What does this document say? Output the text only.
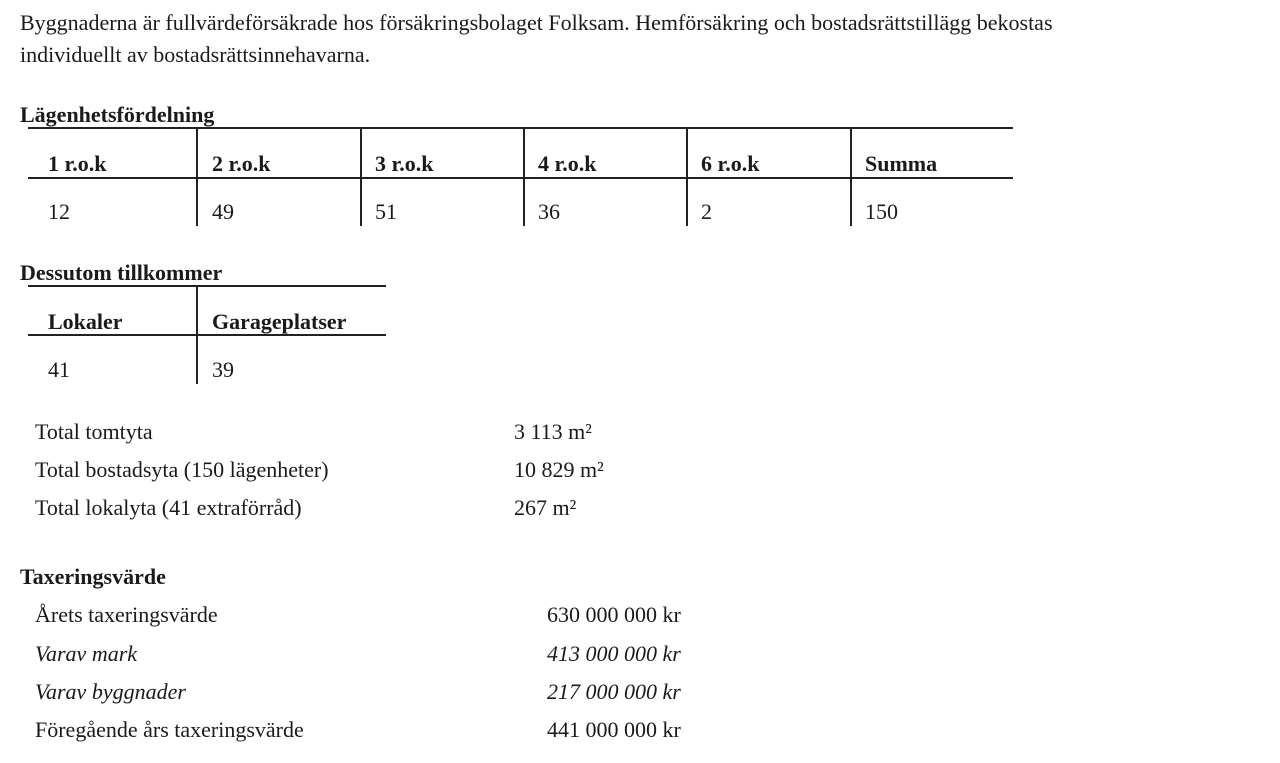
Byggnaderna är fullvärdeförsäkrade hos försäkringsbolaget Folksam. Hemförsäkring och bostadsrättstillägg bekostas
individuellt av bostadsrättsinnehavarna.
Lägenhetsfördelning
1 r.o.k	2 r.o.k	3 r.o.k	4 r.o.k	6 r.o.k	Summa
12	49	51	36	2	150
Dessutom tillkommer
Lokaler	Garageplatser
41	39
Total tomtyta	3 113 m²
Total bostadsyta (150 lägenheter)	10 829 m²
Total lokalyta (41 extraförråd)	267 m²
Taxeringsvärde
Årets taxeringsvärde	630 000 000 kr
Varav mark	413 000 000 kr
Varav byggnader	217 000 000 kr
Föregående års taxeringsvärde	441 000 000 kr
